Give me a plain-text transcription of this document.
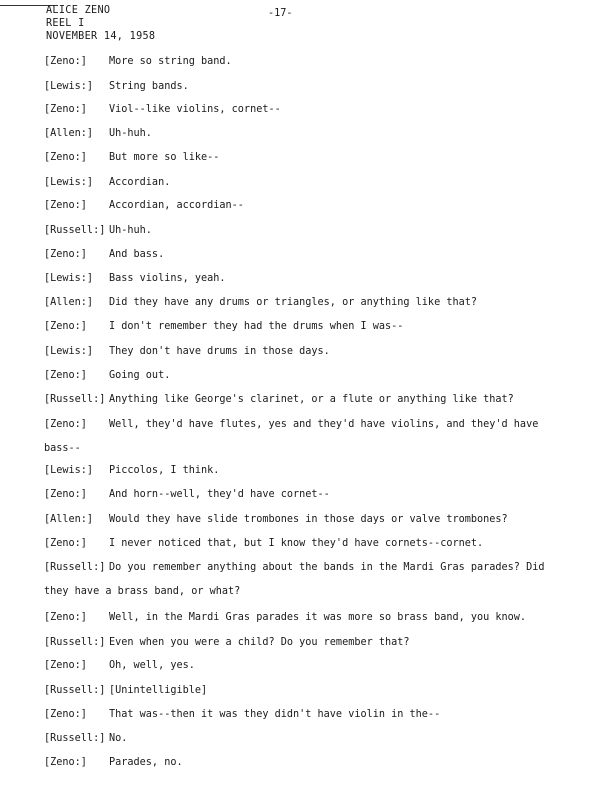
ALICE ZENO
REEL I
NOVEMBER 14, 1958
-17-
[Zeno:] More so string band.
[Lewis:] String bands.
[Zeno:] Viol--like violins, cornet--
[Allen:] Uh-huh.
[Zeno:] But more so like--
[Lewis:] Accordian.
[Zeno:] Accordian, accordian--
[Russell:] Uh-huh.
[Zeno:] And bass.
[Lewis:] Bass violins, yeah.
[Allen:] Did they have any drums or triangles, or anything like that?
[Zeno:] I don't remember they had the drums when I was--
[Lewis:] They don't have drums in those days.
[Zeno:] Going out.
[Russell:] Anything like George's clarinet, or a flute or anything like that?
[Zeno:] Well, they'd have flutes, yes and they'd have violins, and they'd have
bass--
[Lewis:] Piccolos, I think.
[Zeno:] And horn--well, they'd have cornet--
[Allen:] Would they have slide trombones in those days or valve trombones?
[Zeno:] I never noticed that, but I know they'd have cornets--cornet.
[Russell:] Do you remember anything about the bands in the Mardi Gras parades? Did
they have a brass band, or what?
[Zeno:] Well, in the Mardi Gras parades it was more so brass band, you know.
[Russell:] Even when you were a child? Do you remember that?
[Zeno:] Oh, well, yes.
[Russell:] [Unintelligible]
[Zeno:] That was--then it was they didn't have violin in the--
[Russell:] No.
[Zeno:] Parades, no.
